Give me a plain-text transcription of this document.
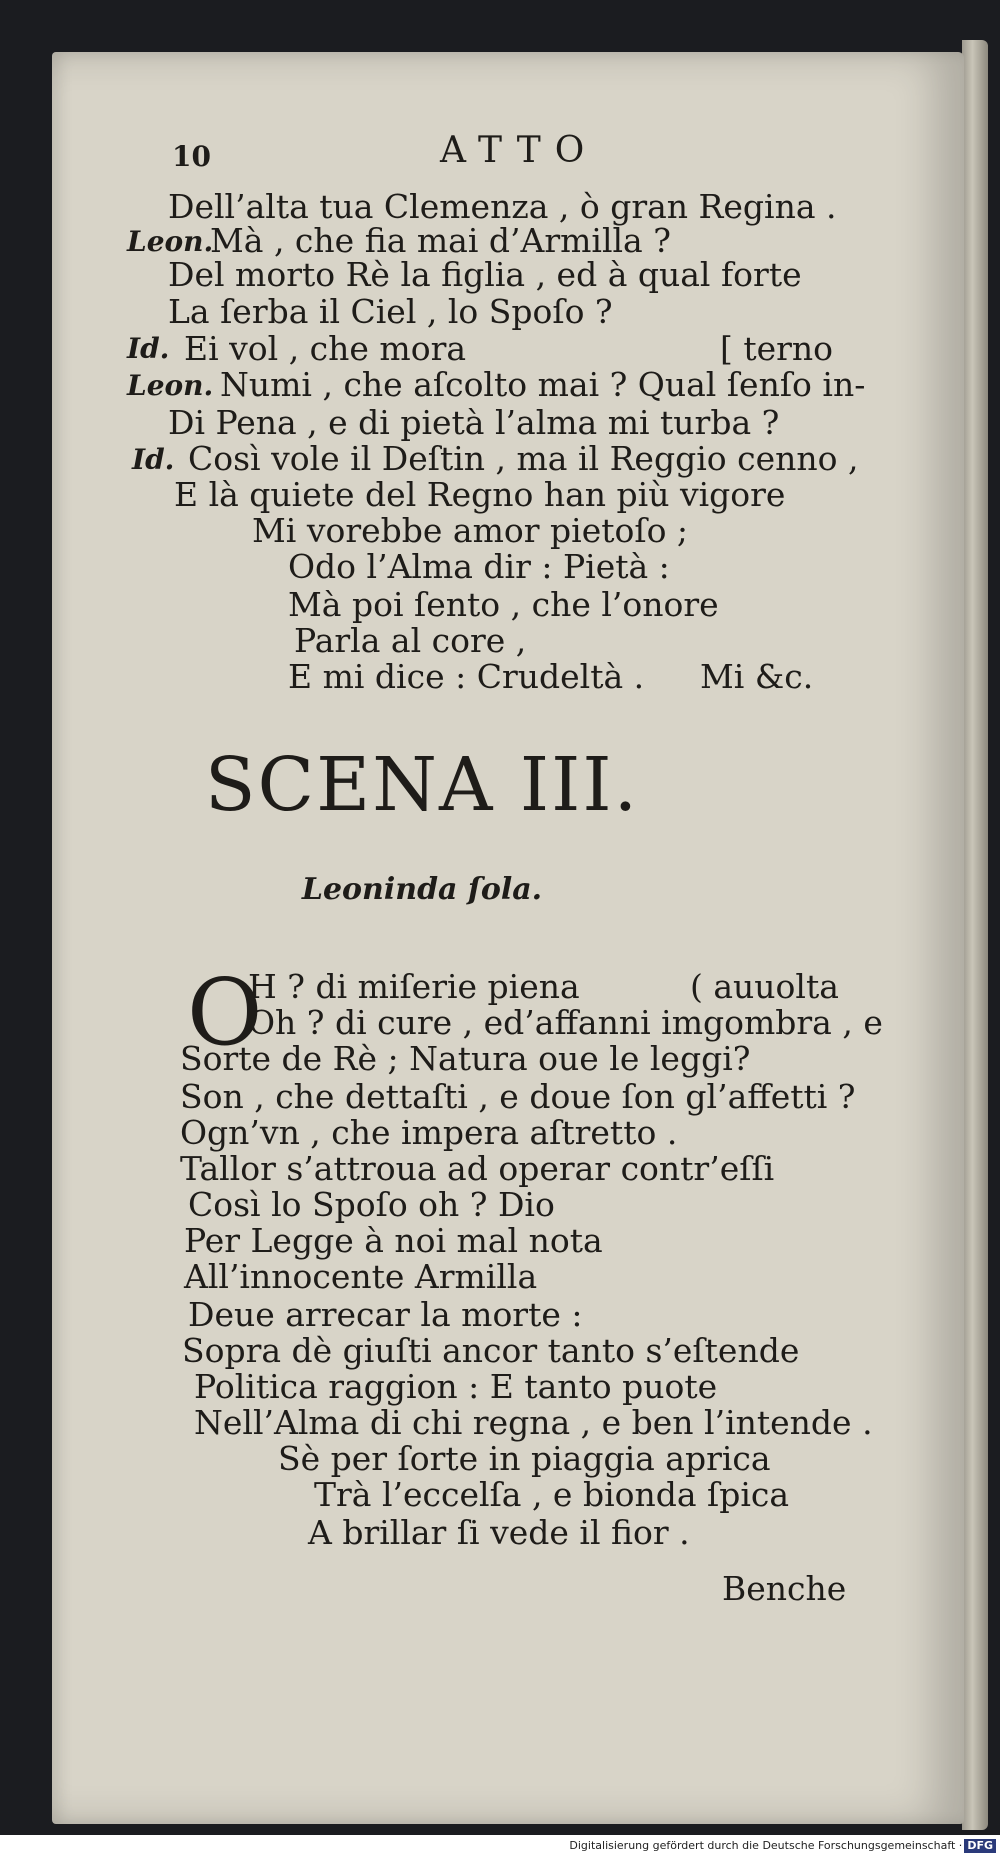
10	ATTO
Dell’alta tua Clemenza , ò gran Regina .
Leon.
Mà , che fia mai d’Armilla ?
Del morto Rè la figlia , ed à qual forte
La ſerba il Ciel , lo Spoſo ?
Id. Ei vol , che mora	[ terno
Leon. Numi , che aſcolto mai ? Qual ſenſo in-
Di Pena , e di pietà l’alma mi turba ?
Id. Così vole il Deſtin , ma il Reggio cenno ,
E là quiete del Regno han più vigore
Mi vorebbe amor pietoſo ;
Odo l’Alma dir : Pietà :
Mà poi ſento , che l’onore
Parla al core ,
E mi dice : Crudeltà . Mi &c.
SCENA III.
Leoninda ſola.
O
H ? di miſerie piena	( auuolta
Oh ? di cure , ed’affanni imgombra , e
Sorte de Rè ; Natura oue le leggi?
Son , che dettaſti , e doue ſon gl’affetti ?
Ogn’vn , che impera aſtretto .
Tallor s’attroua ad operar contr’eſſi
Così lo Spoſo oh ? Dio
Per Legge à noi mal nota
All’innocente Armilla
Deue arrecar la morte :
Sopra dè giuſti ancor tanto s’eſtende
Politica raggion : E tanto puote
Nell’Alma di chi regna , e ben l’intende .
Sè per ſorte in piaggia aprica
Trà l’eccelſa , e bionda ſpica
A brillar ſi vede il fior .
Benche
Digitalisierung gefördert durch die Deutsche Forschungsgemeinschaft · DFG
